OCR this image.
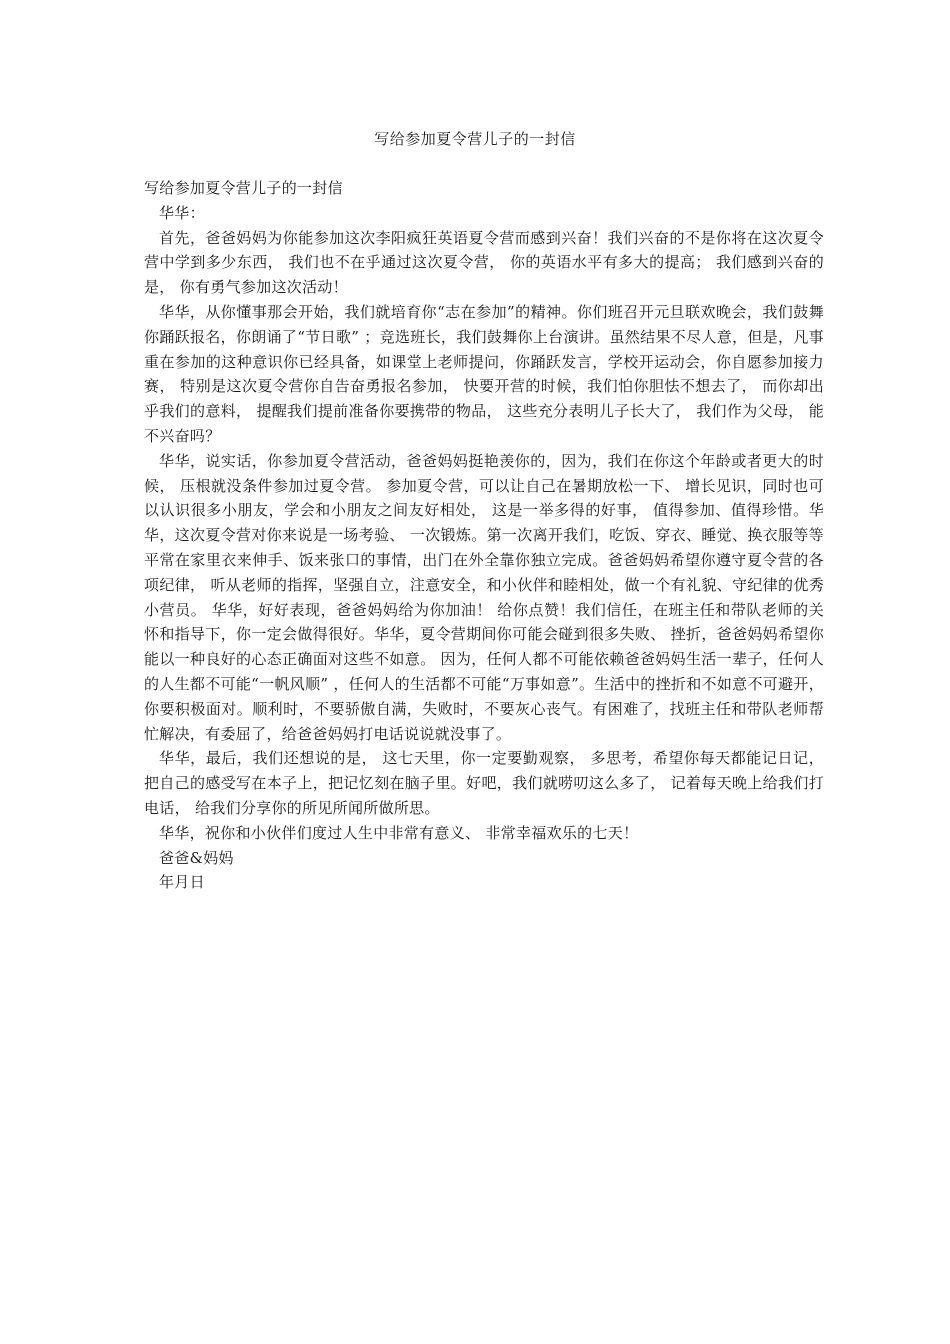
写给参加夏令营儿子的一封信

写给参加夏令营儿子的一封信

华华：

首先，爸爸妈妈为你能参加这次李阳疯狂英语夏令营而感到兴奋！我们兴奋的不是你将在这次夏令营中学到多少东西， 我们也不在乎通过这次夏令营， 你的英语水平有多大的提高； 我们感到兴奋的是， 你有勇气参加这次活动！

华华，从你懂事那会开始，我们就培育你“志在参加”的精神。你们班召开元旦联欢晚会，我们鼓舞你踊跃报名，你朗诵了“节日歌” ；竞选班长，我们鼓舞你上台演讲。虽然结果不尽人意，但是，凡事重在参加的这种意识你已经具备，如课堂上老师提问，你踊跃发言，学校开运动会，你自愿参加接力赛， 特别是这次夏令营你自告奋勇报名参加， 快要开营的时候，我们怕你胆怯不想去了， 而你却出乎我们的意料， 提醒我们提前准备你要携带的物品， 这些充分表明儿子长大了， 我们作为父母， 能不兴奋吗？

华华，说实话，你参加夏令营活动，爸爸妈妈挺艳羡你的，因为，我们在你这个年龄或者更大的时候， 压根就没条件参加过夏令营。 参加夏令营，可以让自己在暑期放松一下、 增长见识，同时也可以认识很多小朋友，学会和小朋友之间友好相处， 这是一举多得的好事， 值得参加、值得珍惜。华华，这次夏令营对你来说是一场考验、 一次锻炼。第一次离开我们，吃饭、穿衣、睡觉、换衣服等等平常在家里衣来伸手、饭来张口的事情，出门在外全靠你独立完成。爸爸妈妈希望你遵守夏令营的各项纪律， 听从老师的指挥，坚强自立，注意安全，和小伙伴和睦相处，做一个有礼貌、守纪律的优秀小营员。 华华，好好表现，爸爸妈妈给为你加油！ 给你点赞！我们信任，在班主任和带队老师的关怀和指导下，你一定会做得很好。华华，夏令营期间你可能会碰到很多失败、 挫折，爸爸妈妈希望你能以一种良好的心态正确面对这些不如意。 因为，任何人都不可能依赖爸爸妈妈生活一辈子，任何人的人生都不可能“一帆风顺” ，任何人的生活都不可能“万事如意”。生活中的挫折和不如意不可避开，你要积极面对。顺利时，不要骄傲自满，失败时，不要灰心丧气。有困难了，找班主任和带队老师帮忙解决，有委屈了，给爸爸妈妈打电话说说就没事了。

华华，最后，我们还想说的是， 这七天里，你一定要勤观察， 多思考，希望你每天都能记日记，把自己的感受写在本子上，把记忆刻在脑子里。好吧，我们就唠叨这么多了， 记着每天晚上给我们打电话， 给我们分享你的所见所闻所做所思。

华华，祝你和小伙伴们度过人生中非常有意义、 非常幸福欢乐的七天！

爸爸&妈妈

年月日
